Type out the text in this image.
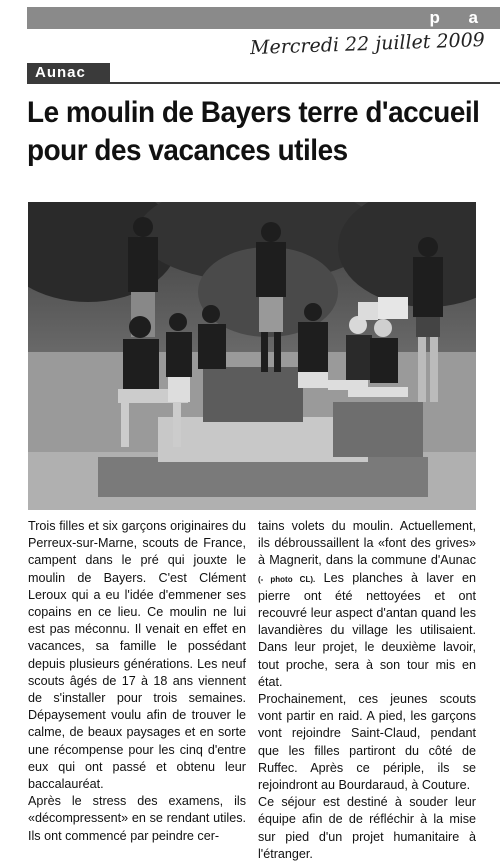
p a
Mercredi 22 juillet 2009
Aunac
Le moulin de Bayers terre d'accueil pour des vacances utiles

Trois filles et six garçons originaires du Perreux-sur-Marne, scouts de France, campent dans le pré qui jouxte le moulin de Bayers. C'est Clément Leroux qui a eu l'idée d'emmener ses copains en ce lieu. Ce moulin ne lui est pas méconnu. Il venait en effet en vacances, sa famille le possédant depuis plusieurs générations. Les neuf scouts âgés de 17 à 18 ans viennent de s'installer pour trois semaines. Dépaysement voulu afin de trouver le calme, de beaux paysages et en sorte une récompense pour les cinq d'entre eux qui ont passé et obtenu leur baccalauréat.

Après le stress des examens, ils «décompressent» en se rendant utiles. Ils ont commencé par peindre cer-

tains volets du moulin. Actuellement, ils débroussaillent la «font des grives» à Magnerit, dans la commune d'Aunac (- photo CL). Les planches à laver en pierre ont été nettoyées et ont recouvré leur aspect d'antan quand les lavandières du village les utilisaient. Dans leur projet, le deuxième lavoir, tout proche, sera à son tour mis en état.

Prochainement, ces jeunes scouts vont partir en raid. A pied, les garçons vont rejoindre Saint-Claud, pendant que les filles partiront du côté de Ruffec. Après ce périple, ils se rejoindront au Bourdaraud, à Couture.

Ce séjour est destiné à souder leur équipe afin de de réfléchir à la mise sur pied d'un projet humanitaire à l'étranger.
